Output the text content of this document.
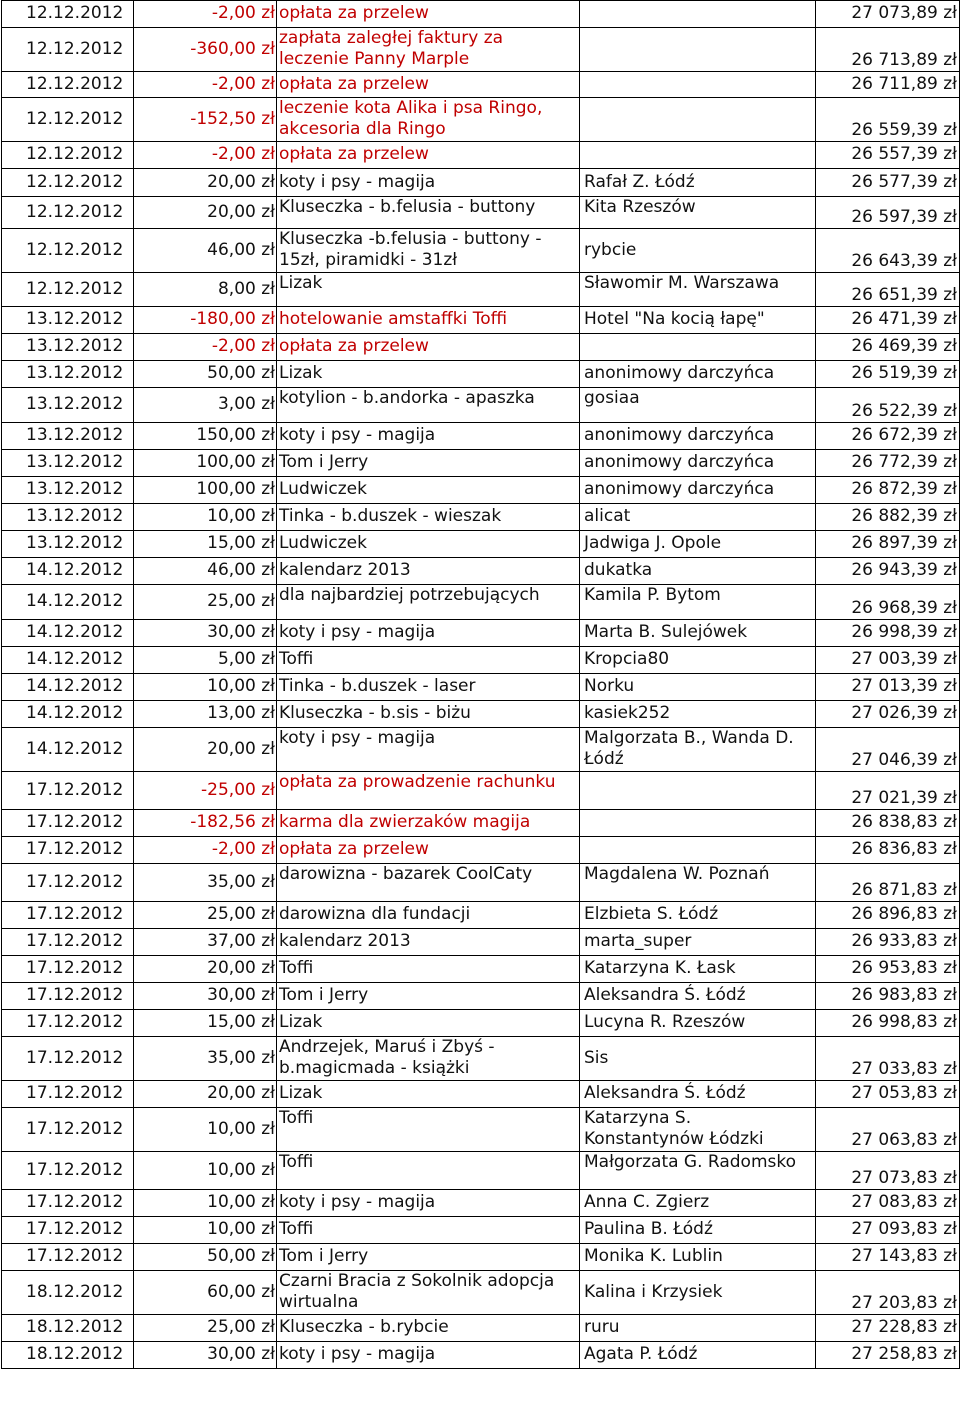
12.12.2012	-2,00 zł	opłata za przelew		27 073,89 zł
12.12.2012	-360,00 zł	zapłata zaległej faktury za leczenie Panny Marple		26 713,89 zł
12.12.2012	-2,00 zł	opłata za przelew		26 711,89 zł
12.12.2012	-152,50 zł	leczenie kota Alika i psa Ringo, akcesoria dla Ringo		26 559,39 zł
12.12.2012	-2,00 zł	opłata za przelew		26 557,39 zł
12.12.2012	20,00 zł	koty i psy - magija	Rafał Z. Łódź	26 577,39 zł
12.12.2012	20,00 zł	Kluseczka - b.felusia - buttony	Kita Rzeszów	26 597,39 zł
12.12.2012	46,00 zł	Kluseczka -b.felusia - buttony - 15zł, piramidki - 31zł	rybcie	26 643,39 zł
12.12.2012	8,00 zł	Lizak	Sławomir M. Warszawa	26 651,39 zł
13.12.2012	-180,00 zł	hotelowanie amstaffki Toffi	Hotel "Na kocią łapę"	26 471,39 zł
13.12.2012	-2,00 zł	opłata za przelew		26 469,39 zł
13.12.2012	50,00 zł	Lizak	anonimowy darczyńca	26 519,39 zł
13.12.2012	3,00 zł	kotylion - b.andorka - apaszka	gosiaa	26 522,39 zł
13.12.2012	150,00 zł	koty i psy - magija	anonimowy darczyńca	26 672,39 zł
13.12.2012	100,00 zł	Tom i Jerry	anonimowy darczyńca	26 772,39 zł
13.12.2012	100,00 zł	Ludwiczek	anonimowy darczyńca	26 872,39 zł
13.12.2012	10,00 zł	Tinka - b.duszek - wieszak	alicat	26 882,39 zł
13.12.2012	15,00 zł	Ludwiczek	Jadwiga J. Opole	26 897,39 zł
14.12.2012	46,00 zł	kalendarz 2013	dukatka	26 943,39 zł
14.12.2012	25,00 zł	dla najbardziej potrzebujących	Kamila P. Bytom	26 968,39 zł
14.12.2012	30,00 zł	koty i psy - magija	Marta B. Sulejówek	26 998,39 zł
14.12.2012	5,00 zł	Toffi	Kropcia80	27 003,39 zł
14.12.2012	10,00 zł	Tinka - b.duszek - laser	Norku	27 013,39 zł
14.12.2012	13,00 zł	Kluseczka - b.sis - biżu	kasiek252	27 026,39 zł
14.12.2012	20,00 zł	koty i psy - magija	Malgorzata B., Wanda D. Łódź	27 046,39 zł
17.12.2012	-25,00 zł	opłata za prowadzenie rachunku		27 021,39 zł
17.12.2012	-182,56 zł	karma dla zwierzaków magija		26 838,83 zł
17.12.2012	-2,00 zł	opłata za przelew		26 836,83 zł
17.12.2012	35,00 zł	darowizna - bazarek CoolCaty	Magdalena W. Poznań	26 871,83 zł
17.12.2012	25,00 zł	darowizna dla fundacji	Elzbieta S. Łódź	26 896,83 zł
17.12.2012	37,00 zł	kalendarz 2013	marta_super	26 933,83 zł
17.12.2012	20,00 zł	Toffi	Katarzyna K. Łask	26 953,83 zł
17.12.2012	30,00 zł	Tom i Jerry	Aleksandra Ś. Łódź	26 983,83 zł
17.12.2012	15,00 zł	Lizak	Lucyna R. Rzeszów	26 998,83 zł
17.12.2012	35,00 zł	Andrzejek, Maruś i Zbyś - b.magicmada - książki	Sis	27 033,83 zł
17.12.2012	20,00 zł	Lizak	Aleksandra Ś. Łódź	27 053,83 zł
17.12.2012	10,00 zł	Toffi	Katarzyna S. Konstantynów Łódzki	27 063,83 zł
17.12.2012	10,00 zł	Toffi	Małgorzata G. Radomsko	27 073,83 zł
17.12.2012	10,00 zł	koty i psy - magija	Anna C. Zgierz	27 083,83 zł
17.12.2012	10,00 zł	Toffi	Paulina B. Łódź	27 093,83 zł
17.12.2012	50,00 zł	Tom i Jerry	Monika K. Lublin	27 143,83 zł
18.12.2012	60,00 zł	Czarni Bracia z Sokolnik adopcja wirtualna	Kalina i Krzysiek	27 203,83 zł
18.12.2012	25,00 zł	Kluseczka - b.rybcie	ruru	27 228,83 zł
18.12.2012	30,00 zł	koty i psy - magija	Agata P. Łódź	27 258,83 zł
